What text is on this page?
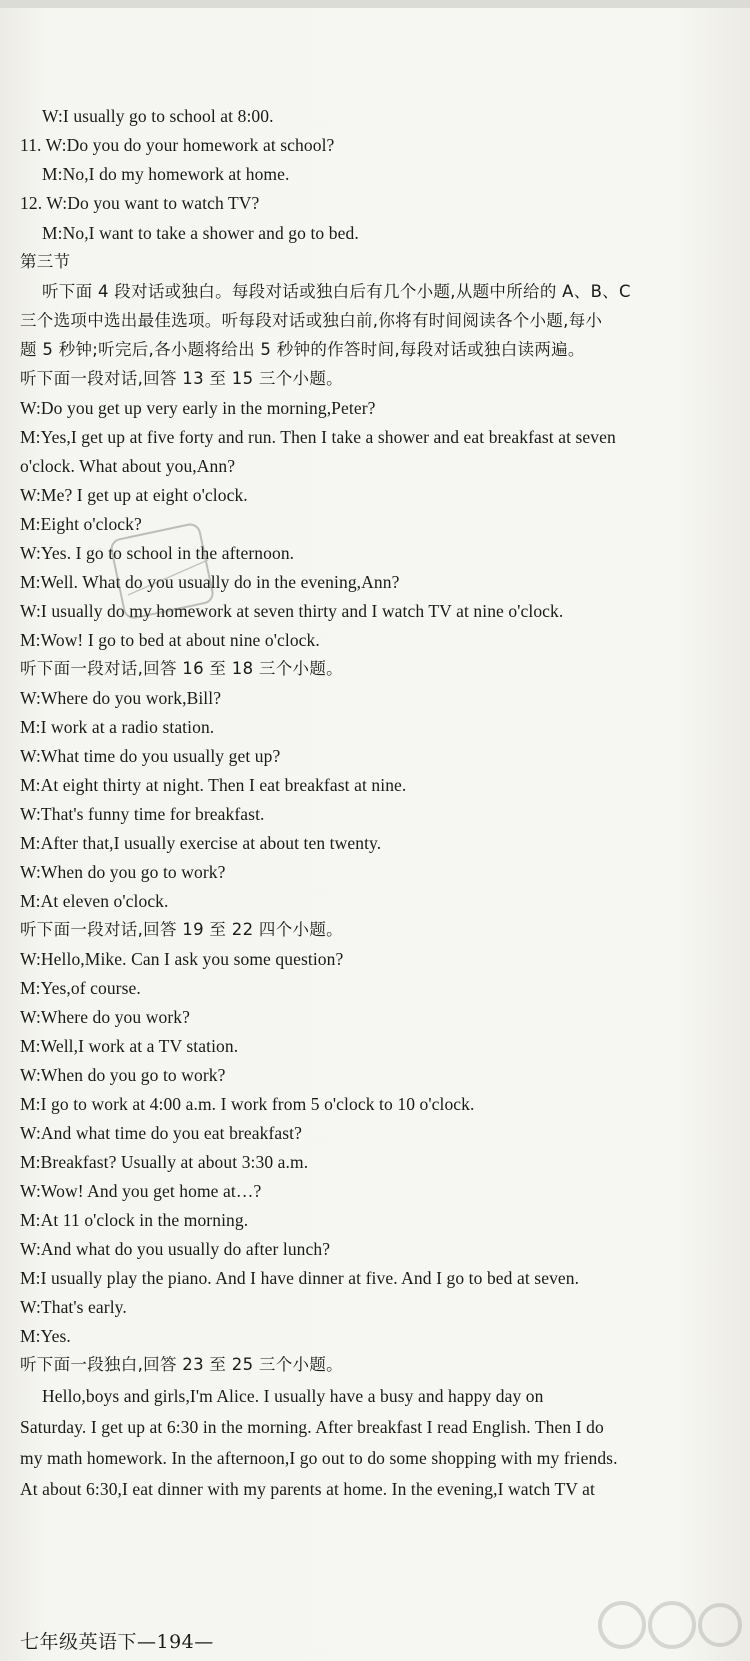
W:I usually go to school at 8:00.
11. W:Do you do your homework at school?
M:No,I do my homework at home.
12. W:Do you want to watch TV?
M:No,I want to take a shower and go to bed.
第三节
听下面 4 段对话或独白。每段对话或独白后有几个小题,从题中所给的 A、B、C
三个选项中选出最佳选项。听每段对话或独白前,你将有时间阅读各个小题,每小
题 5 秒钟;听完后,各小题将给出 5 秒钟的作答时间,每段对话或独白读两遍。
听下面一段对话,回答 13 至 15 三个小题。
W:Do you get up very early in the morning,Peter?
M:Yes,I get up at five forty and run. Then I take a shower and eat breakfast at seven
o'clock. What about you,Ann?
W:Me? I get up at eight o'clock.
M:Eight o'clock?
W:Yes. I go to school in the afternoon.
M:Well. What do you usually do in the evening,Ann?
W:I usually do my homework at seven thirty and I watch TV at nine o'clock.
M:Wow! I go to bed at about nine o'clock.
听下面一段对话,回答 16 至 18 三个小题。
W:Where do you work,Bill?
M:I work at a radio station.
W:What time do you usually get up?
M:At eight thirty at night. Then I eat breakfast at nine.
W:That's funny time for breakfast.
M:After that,I usually exercise at about ten twenty.
W:When do you go to work?
M:At eleven o'clock.
听下面一段对话,回答 19 至 22 四个小题。
W:Hello,Mike. Can I ask you some question?
M:Yes,of course.
W:Where do you work?
M:Well,I work at a TV station.
W:When do you go to work?
M:I go to work at 4:00 a.m. I work from 5 o'clock to 10 o'clock.
W:And what time do you eat breakfast?
M:Breakfast? Usually at about 3:30 a.m.
W:Wow! And you get home at…?
M:At 11 o'clock in the morning.
W:And what do you usually do after lunch?
M:I usually play the piano. And I have dinner at five. And I go to bed at seven.
W:That's early.
M:Yes.
听下面一段独白,回答 23 至 25 三个小题。
Hello,boys and girls,I'm Alice. I usually have a busy and happy day on
Saturday. I get up at 6:30 in the morning. After breakfast I read English. Then I do
my math homework. In the afternoon,I go out to do some shopping with my friends.
At about 6:30,I eat dinner with my parents at home. In the evening,I watch TV at
七年级英语下—194—
